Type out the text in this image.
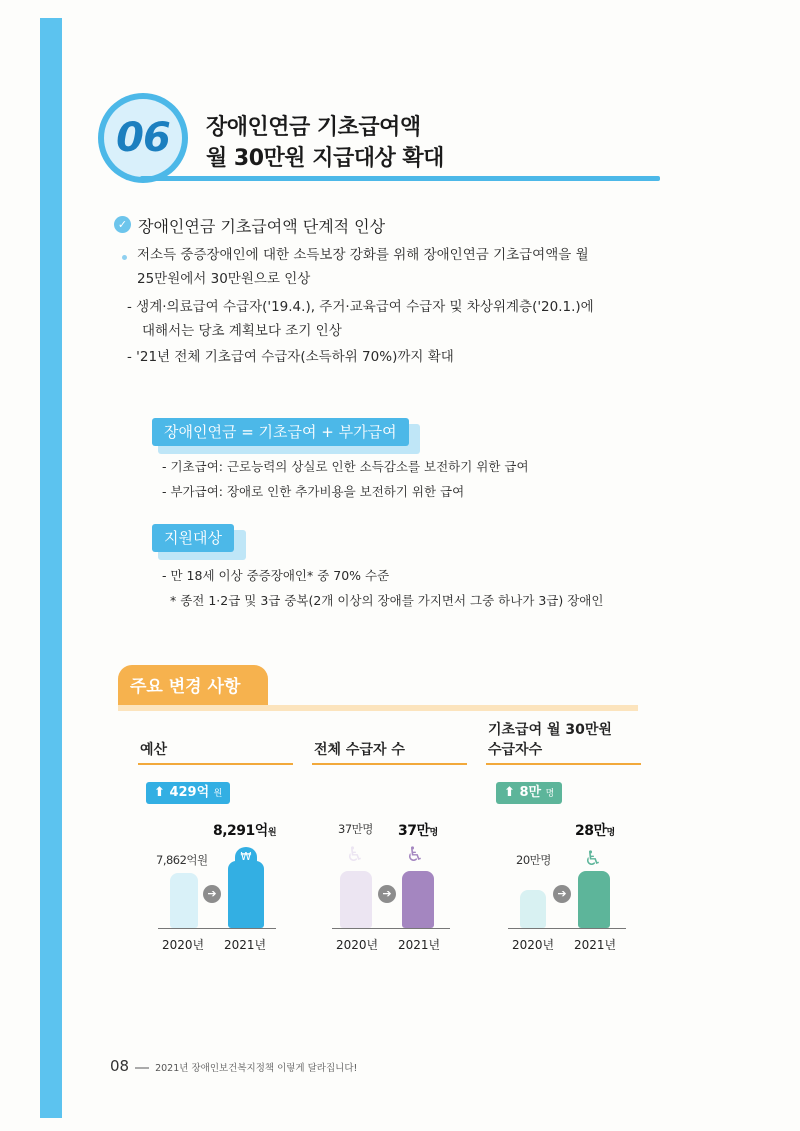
06	장애인연금 기초급여액
월 30만원 지급대상 확대
✓ 장애인연금 기초급여액 단계적 인상
저소득 중증장애인에 대한 소득보장 강화를 위해 장애인연금 기초급여액을 월
25만원에서 30만원으로 인상
- 생계·의료급여 수급자('19.4.), 주거·교육급여 수급자 및 차상위계층('20.1.)에
대해서는 당초 계획보다 조기 인상
- '21년 전체 기초급여 수급자(소득하위 70%)까지 확대
장애인연금 = 기초급여 + 부가급여
- 기초급여: 근로능력의 상실로 인한 소득감소를 보전하기 위한 급여
- 부가급여: 장애로 인한 추가비용을 보전하기 위한 급여
지원대상
- 만 18세 이상 중증장애인* 중 70% 수준
* 종전 1·2급 및 3급 중복(2개 이상의 장애를 가지면서 그중 하나가 3급) 장애인
주요 변경 사항
예산
⬆ 429억 원
8,291억원
7,862억원
➔
₩
2020년 2021년
전체 수급자 수
37만명 37만명
♿ ♿
➔
2020년 2021년
기초급여 월 30만원
수급자수
⬆ 8만 명
28만명
20만명 ♿
➔
2020년 2021년
08	2021년 장애인보건복지정책 이렇게 달라집니다!
